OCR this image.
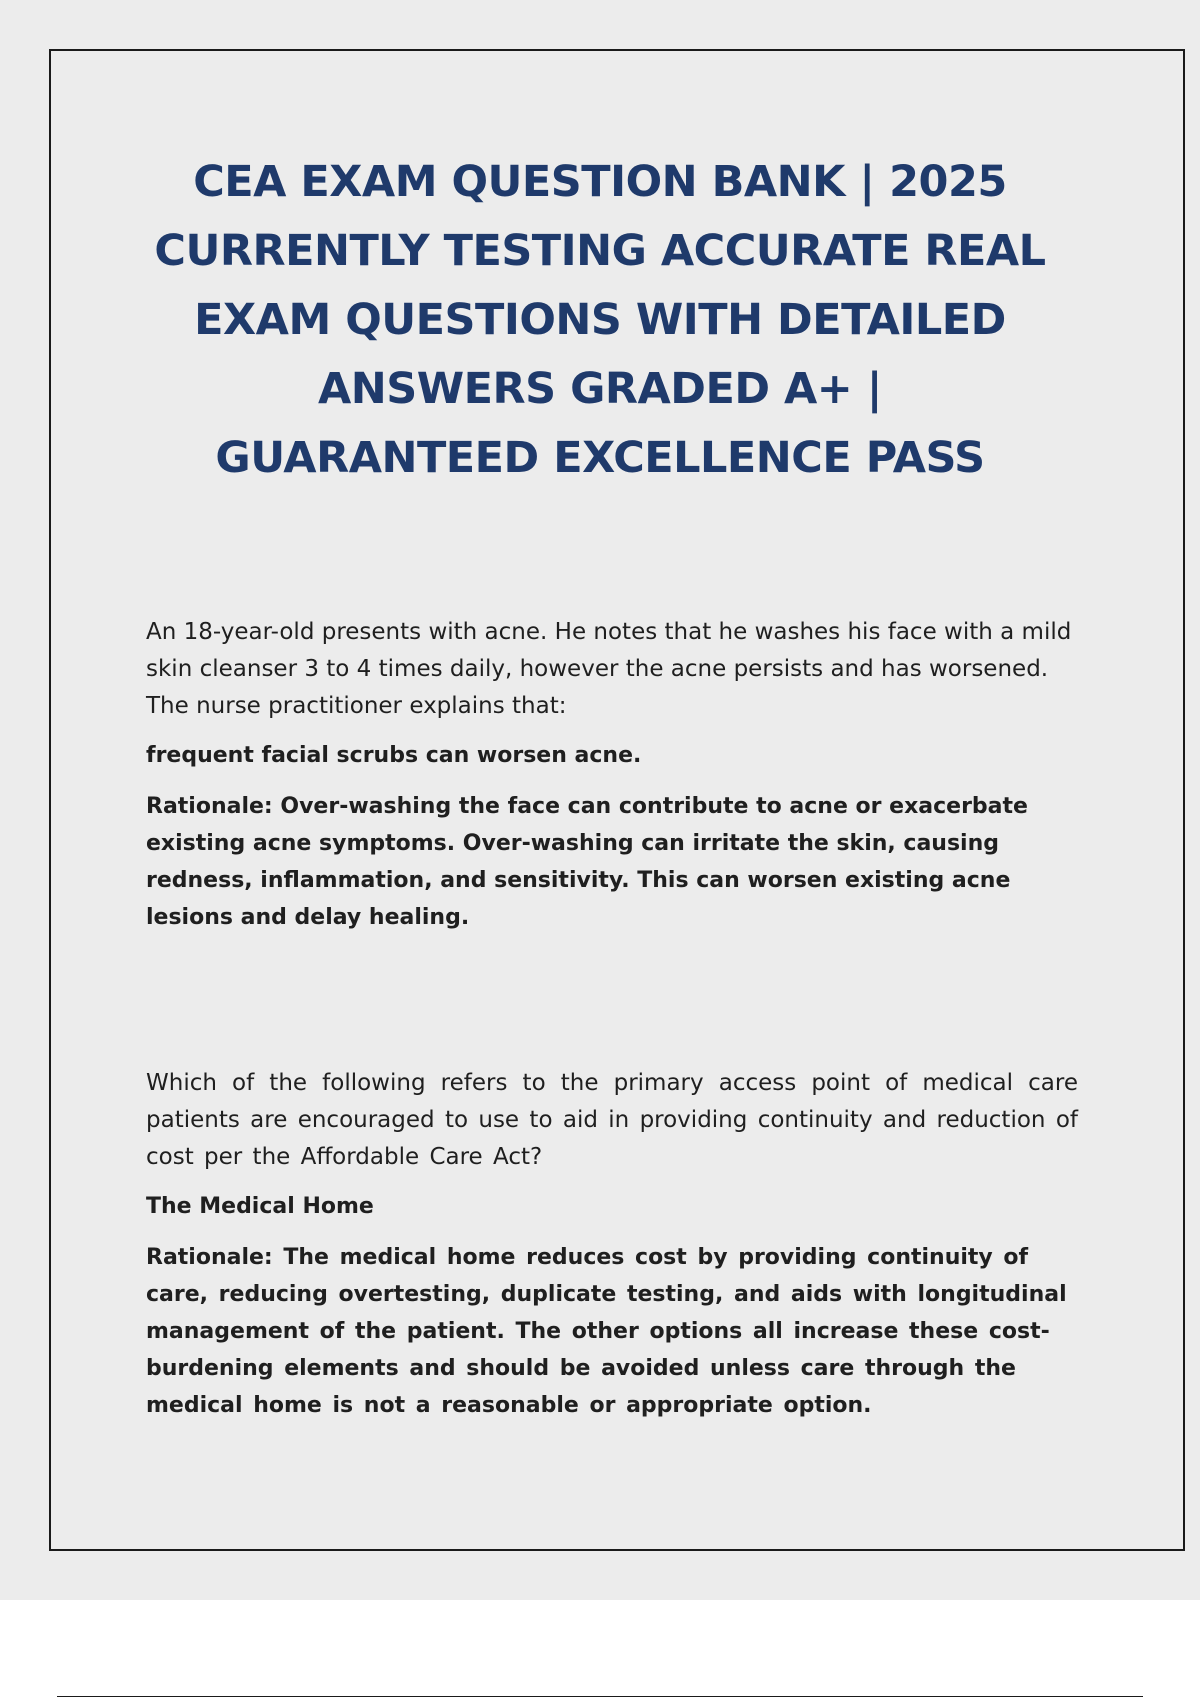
CEA EXAM QUESTION BANK | 2025 CURRENTLY TESTING ACCURATE REAL EXAM QUESTIONS WITH DETAILED ANSWERS GRADED A+ | GUARANTEED EXCELLENCE PASS

An 18-year-old presents with acne. He notes that he washes his face with a mild skin cleanser 3 to 4 times daily, however the acne persists and has worsened. The nurse practitioner explains that:

frequent facial scrubs can worsen acne.

Rationale: Over-washing the face can contribute to acne or exacerbate existing acne symptoms. Over-washing can irritate the skin, causing redness, inflammation, and sensitivity. This can worsen existing acne lesions and delay healing.

Which of the following refers to the primary access point of medical care patients are encouraged to use to aid in providing continuity and reduction of cost per the Affordable Care Act?

The Medical Home

Rationale: The medical home reduces cost by providing continuity of care, reducing overtesting, duplicate testing, and aids with longitudinal management of the patient. The other options all increase these cost-burdening elements and should be avoided unless care through the medical home is not a reasonable or appropriate option.
